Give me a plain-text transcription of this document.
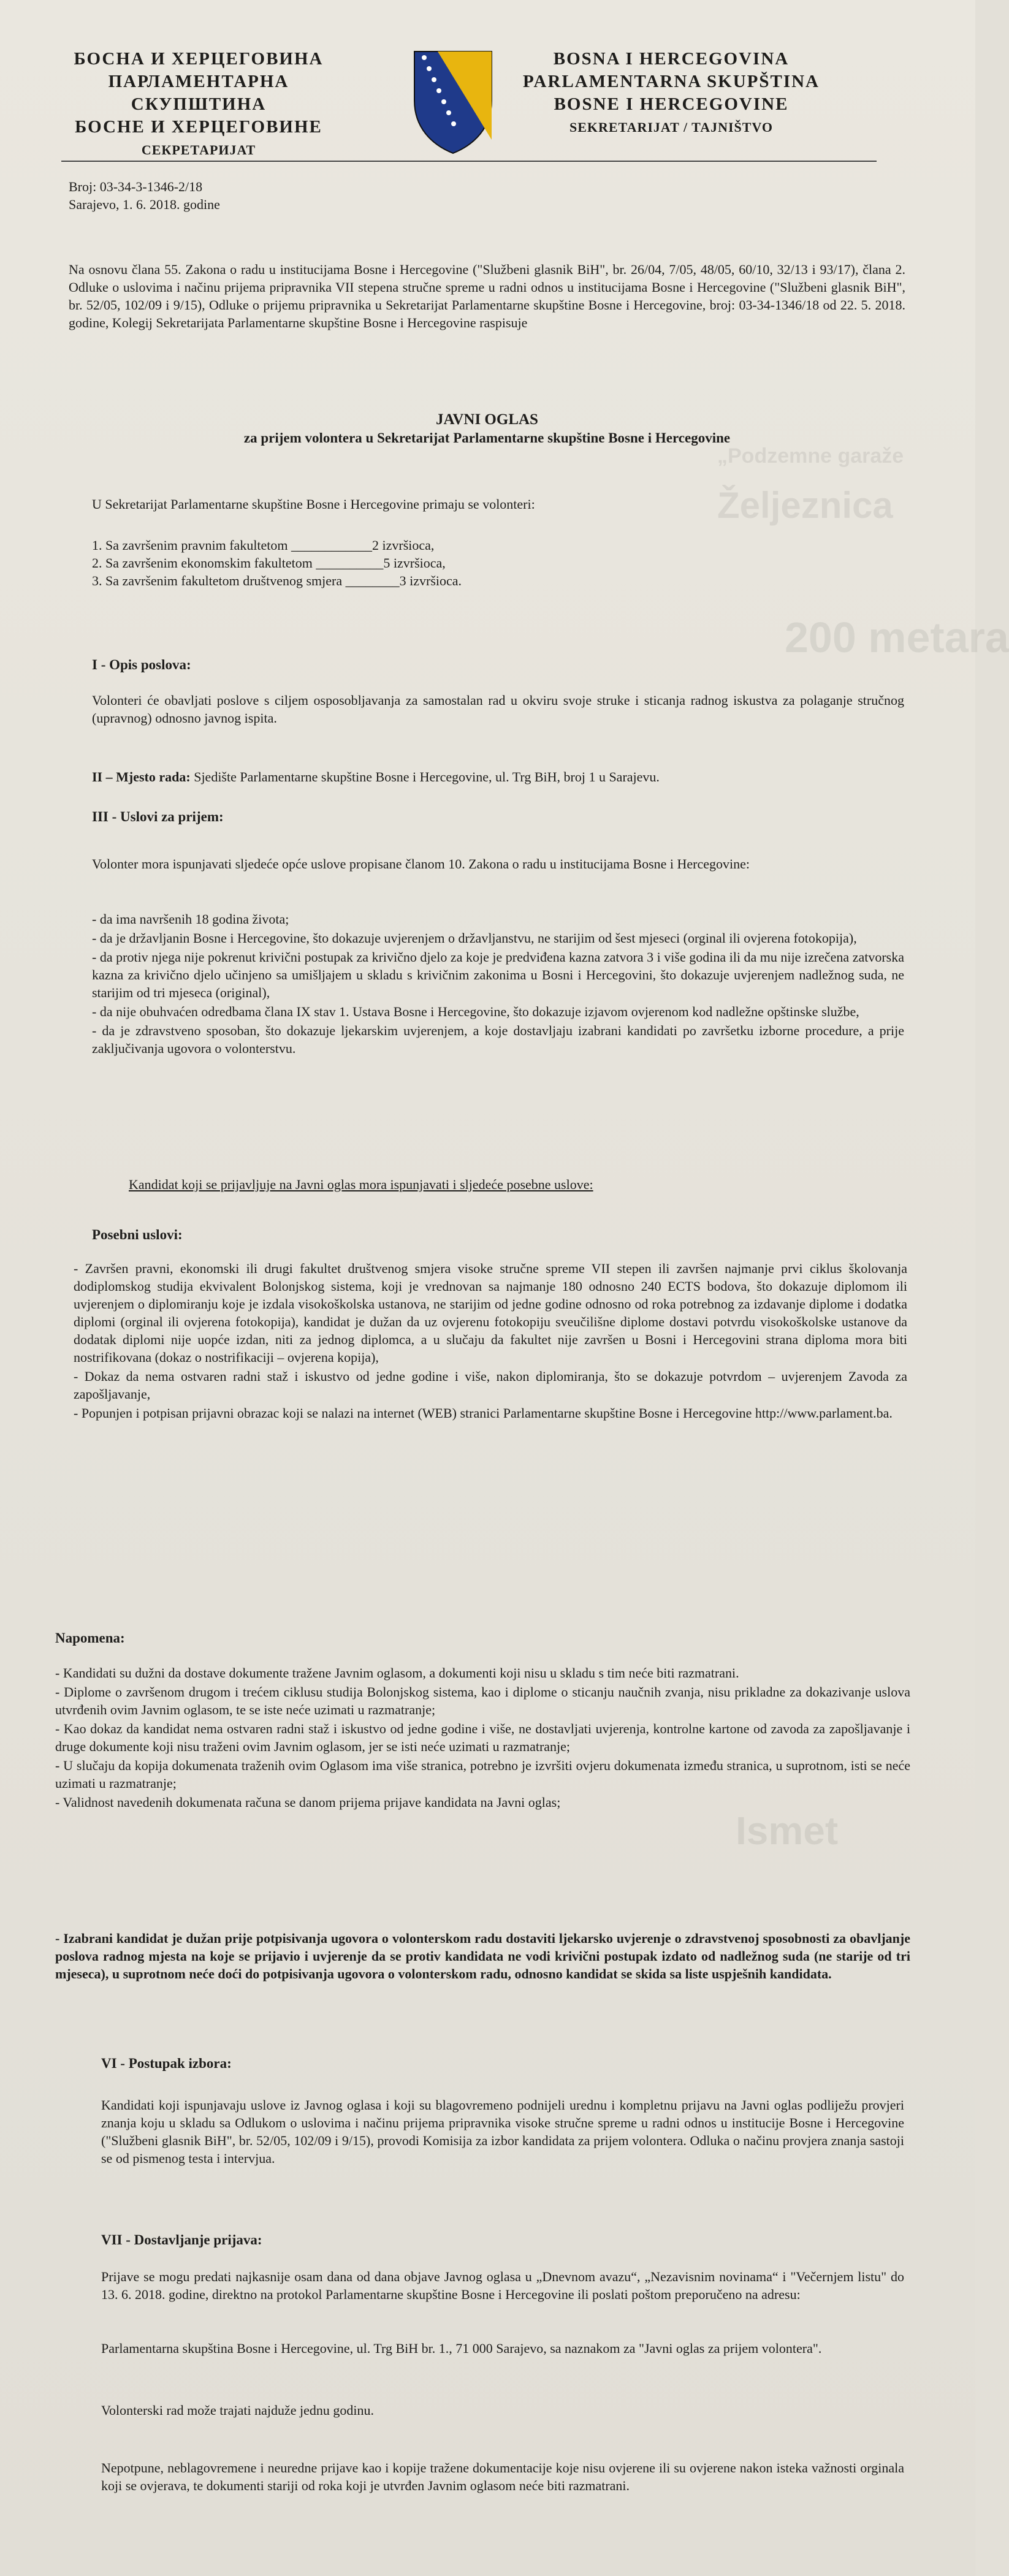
„Podzemne garaže
Željeznica
200 metara
Ismet
БОСНА И ХЕРЦЕГОВИНА
ПАРЛАМЕНТАРНА СКУПШТИНА
БОСНЕ И ХЕРЦЕГОВИНЕ
СЕКРЕТАРИЈАТ
BOSNA I HERCEGOVINA
PARLAMENTARNA SKUPŠTINA
BOSNE I HERCEGOVINE
SEKRETARIJAT / TAJNIŠTVO
Broj: 03-34-3-1346-2/18
Sarajevo, 1. 6. 2018. godine
Na osnovu člana 55. Zakona o radu u institucijama Bosne i Hercegovine ("Službeni glasnik BiH", br. 26/04, 7/05, 48/05, 60/10, 32/13 i 93/17), člana 2. Odluke o uslovima i načinu prijema pripravnika VII stepena stručne spreme u radni odnos u institucijama Bosne i Hercegovine ("Službeni glasnik BiH", br. 52/05, 102/09 i 9/15), Odluke o prijemu pripravnika u Sekretarijat Parlamentarne skupštine Bosne i Hercegovine, broj: 03-34-1346/18 od 22. 5. 2018. godine, Kolegij Sekretarijata Parlamentarne skupštine Bosne i Hercegovine raspisuje
JAVNI OGLAS
za prijem volontera u Sekretarijat Parlamentarne skupštine Bosne i Hercegovine
U Sekretarijat Parlamentarne skupštine Bosne i Hercegovine primaju se volonteri:
1. Sa završenim pravnim fakultetom ____________2 izvršioca,
2. Sa završenim ekonomskim fakultetom __________5 izvršioca,
3. Sa završenim fakultetom društvenog smjera ________3 izvršioca.
I - Opis poslova:
Volonteri će obavljati poslove s ciljem osposobljavanja za samostalan rad u okviru svoje struke i sticanja radnog iskustva za polaganje stručnog (upravnog) odnosno javnog ispita.
II – Mjesto rada: Sjedište Parlamentarne skupštine Bosne i Hercegovine, ul. Trg BiH, broj 1 u Sarajevu.
III - Uslovi za prijem:
Volonter mora ispunjavati sljedeće opće uslove propisane članom 10. Zakona o radu u institucijama Bosne i Hercegovine:
- da ima navršenih 18 godina života;
- da je državljanin Bosne i Hercegovine, što dokazuje uvjerenjem o državljanstvu, ne starijim od šest mjeseci (orginal ili ovjerena fotokopija),
- da protiv njega nije pokrenut krivični postupak za krivično djelo za koje je predviđena kazna zatvora 3 i više godina ili da mu nije izrečena zatvorska kazna za krivično djelo učinjeno sa umišljajem u skladu s krivičnim zakonima u Bosni i Hercegovini, što dokazuje uvjerenjem nadležnog suda, ne starijim od tri mjeseca (original),
- da nije obuhvaćen odredbama člana IX stav 1. Ustava Bosne i Hercegovine, što dokazuje izjavom ovjerenom kod nadležne opštinske službe,
- da je zdravstveno sposoban, što dokazuje ljekarskim uvjerenjem, a koje dostavljaju izabrani kandidati po završetku izborne procedure, a prije zaključivanja ugovora o volonterstvu.
Kandidat koji se prijavljuje na Javni oglas mora ispunjavati i sljedeće posebne uslove:
Posebni uslovi:
- Završen pravni, ekonomski ili drugi fakultet društvenog smjera visoke stručne spreme VII stepen ili završen najmanje prvi ciklus školovanja dodiplomskog studija ekvivalent Bolonjskog sistema, koji je vrednovan sa najmanje 180 odnosno 240 ECTS bodova, što dokazuje diplomom ili uvjerenjem o diplomiranju koje je izdala visokoškolska ustanova, ne starijim od jedne godine odnosno od roka potrebnog za izdavanje diplome i dodatka diplomi (orginal ili ovjerena fotokopija), kandidat je dužan da uz ovjerenu fotokopiju sveučilišne diplome dostavi potvrdu visokoškolske ustanove da dodatak diplomi nije uopće izdan, niti za jednog diplomca, a u slučaju da fakultet nije završen u Bosni i Hercegovini strana diploma mora biti nostrifikovana (dokaz o nostrifikaciji – ovjerena kopija),
- Dokaz da nema ostvaren radni staž i iskustvo od jedne godine i više, nakon diplomiranja, što se dokazuje potvrdom – uvjerenjem Zavoda za zapošljavanje,
- Popunjen i potpisan prijavni obrazac koji se nalazi na internet (WEB) stranici Parlamentarne skupštine Bosne i Hercegovine http://www.parlament.ba.
Napomena:
- Kandidati su dužni da dostave dokumente tražene Javnim oglasom, a dokumenti koji nisu u skladu s tim neće biti razmatrani.
- Diplome o završenom drugom i trećem ciklusu studija Bolonjskog sistema, kao i diplome o sticanju naučnih zvanja, nisu prikladne za dokazivanje uslova utvrđenih ovim Javnim oglasom, te se iste neće uzimati u razmatranje;
- Kao dokaz da kandidat nema ostvaren radni staž i iskustvo od jedne godine i više, ne dostavljati uvjerenja, kontrolne kartone od zavoda za zapošljavanje i druge dokumente koji nisu traženi ovim Javnim oglasom, jer se isti neće uzimati u razmatranje;
- U slučaju da kopija dokumenata traženih ovim Oglasom ima više stranica, potrebno je izvršiti ovjeru dokumenata između stranica, u suprotnom, isti se neće uzimati u razmatranje;
- Validnost navedenih dokumenata računa se danom prijema prijave kandidata na Javni oglas;
- Izabrani kandidat je dužan prije potpisivanja ugovora o volonterskom radu dostaviti ljekarsko uvjerenje o zdravstvenoj sposobnosti za obavljanje poslova radnog mjesta na koje se prijavio i uvjerenje da se protiv kandidata ne vodi krivični postupak izdato od nadležnog suda (ne starije od tri mjeseca), u suprotnom neće doći do potpisivanja ugovora o volonterskom radu, odnosno kandidat se skida sa liste uspješnih kandidata.
VI - Postupak izbora:
Kandidati koji ispunjavaju uslove iz Javnog oglasa i koji su blagovremeno podnijeli urednu i kompletnu prijavu na Javni oglas podliježu provjeri znanja koju u skladu sa Odlukom o uslovima i načinu prijema pripravnika visoke stručne spreme u radni odnos u institucije Bosne i Hercegovine ("Službeni glasnik BiH", br. 52/05, 102/09 i 9/15), provodi Komisija za izbor kandidata za prijem volontera. Odluka o načinu provjera znanja sastoji se od pismenog testa i intervjua.
VII - Dostavljanje prijava:
Prijave se mogu predati najkasnije osam dana od dana objave Javnog oglasa u „Dnevnom avazu“, „Nezavisnim novinama“ i "Večernjem listu" do 13. 6. 2018. godine, direktno na protokol Parlamentarne skupštine Bosne i Hercegovine ili poslati poštom preporučeno na adresu:
Parlamentarna skupština Bosne i Hercegovine, ul. Trg BiH br. 1., 71 000 Sarajevo, sa naznakom za "Javni oglas za prijem volontera".
Volonterski rad može trajati najduže jednu godinu.
Nepotpune, neblagovremene i neuredne prijave kao i kopije tražene dokumentacije koje nisu ovjerene ili su ovjerene nakon isteka važnosti orginala koji se ovjerava, te dokumenti stariji od roka koji je utvrđen Javnim oglasom neće biti razmatrani.
